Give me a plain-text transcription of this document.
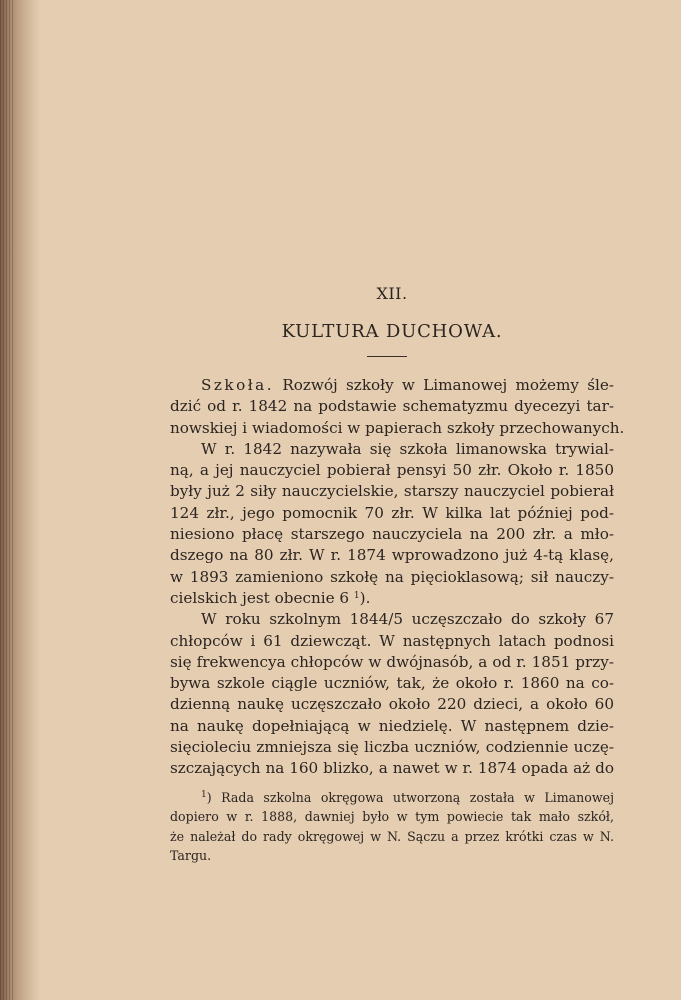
XII.
KULTURA DUCHOWA.
Szkoła. Rozwój szkoły w Limanowej możemy śle-
dzić od r. 1842 na podstawie schematyzmu dyecezyi tar-
nowskiej i wiadomości w papierach szkoły przechowanych.
W r. 1842 nazywała się szkoła limanowska trywial-
ną, a jej nauczyciel pobierał pensyi 50 złr. Około r. 1850
były już 2 siły nauczycielskie, starszy nauczyciel pobierał
124 złr., jego pomocnik 70 złr. W kilka lat później pod-
niesiono płacę starszego nauczyciela na 200 złr. a mło-
dszego na 80 złr. W r. 1874 wprowadzono już 4-tą klasę,
w 1893 zamieniono szkołę na pięcioklasową; sił nauczy-
cielskich jest obecnie 6 $^1$).
W roku szkolnym 1844/5 uczęszczało do szkoły 67
chłopców i 61 dziewcząt. W następnych latach podnosi
się frekwencya chłopców w dwójnasób, a od r. 1851 przy-
bywa szkole ciągle uczniów, tak, że około r. 1860 na co-
dzienną naukę uczęszczało około 220 dzieci, a około 60
na naukę dopełniającą w niedzielę. W następnem dzie-
sięcioleciu zmniejsza się liczba uczniów, codziennie uczę-
szczających na 160 blizko, a nawet w r. 1874 opada aż do
$^1$) Rada szkolna okręgowa utworzoną została w Limanowej
dopiero w r. 1888, dawniej było w tym powiecie tak mało szkół,
że należał do rady okręgowej w N. Sączu a przez krótki czas w N.
Targu.
